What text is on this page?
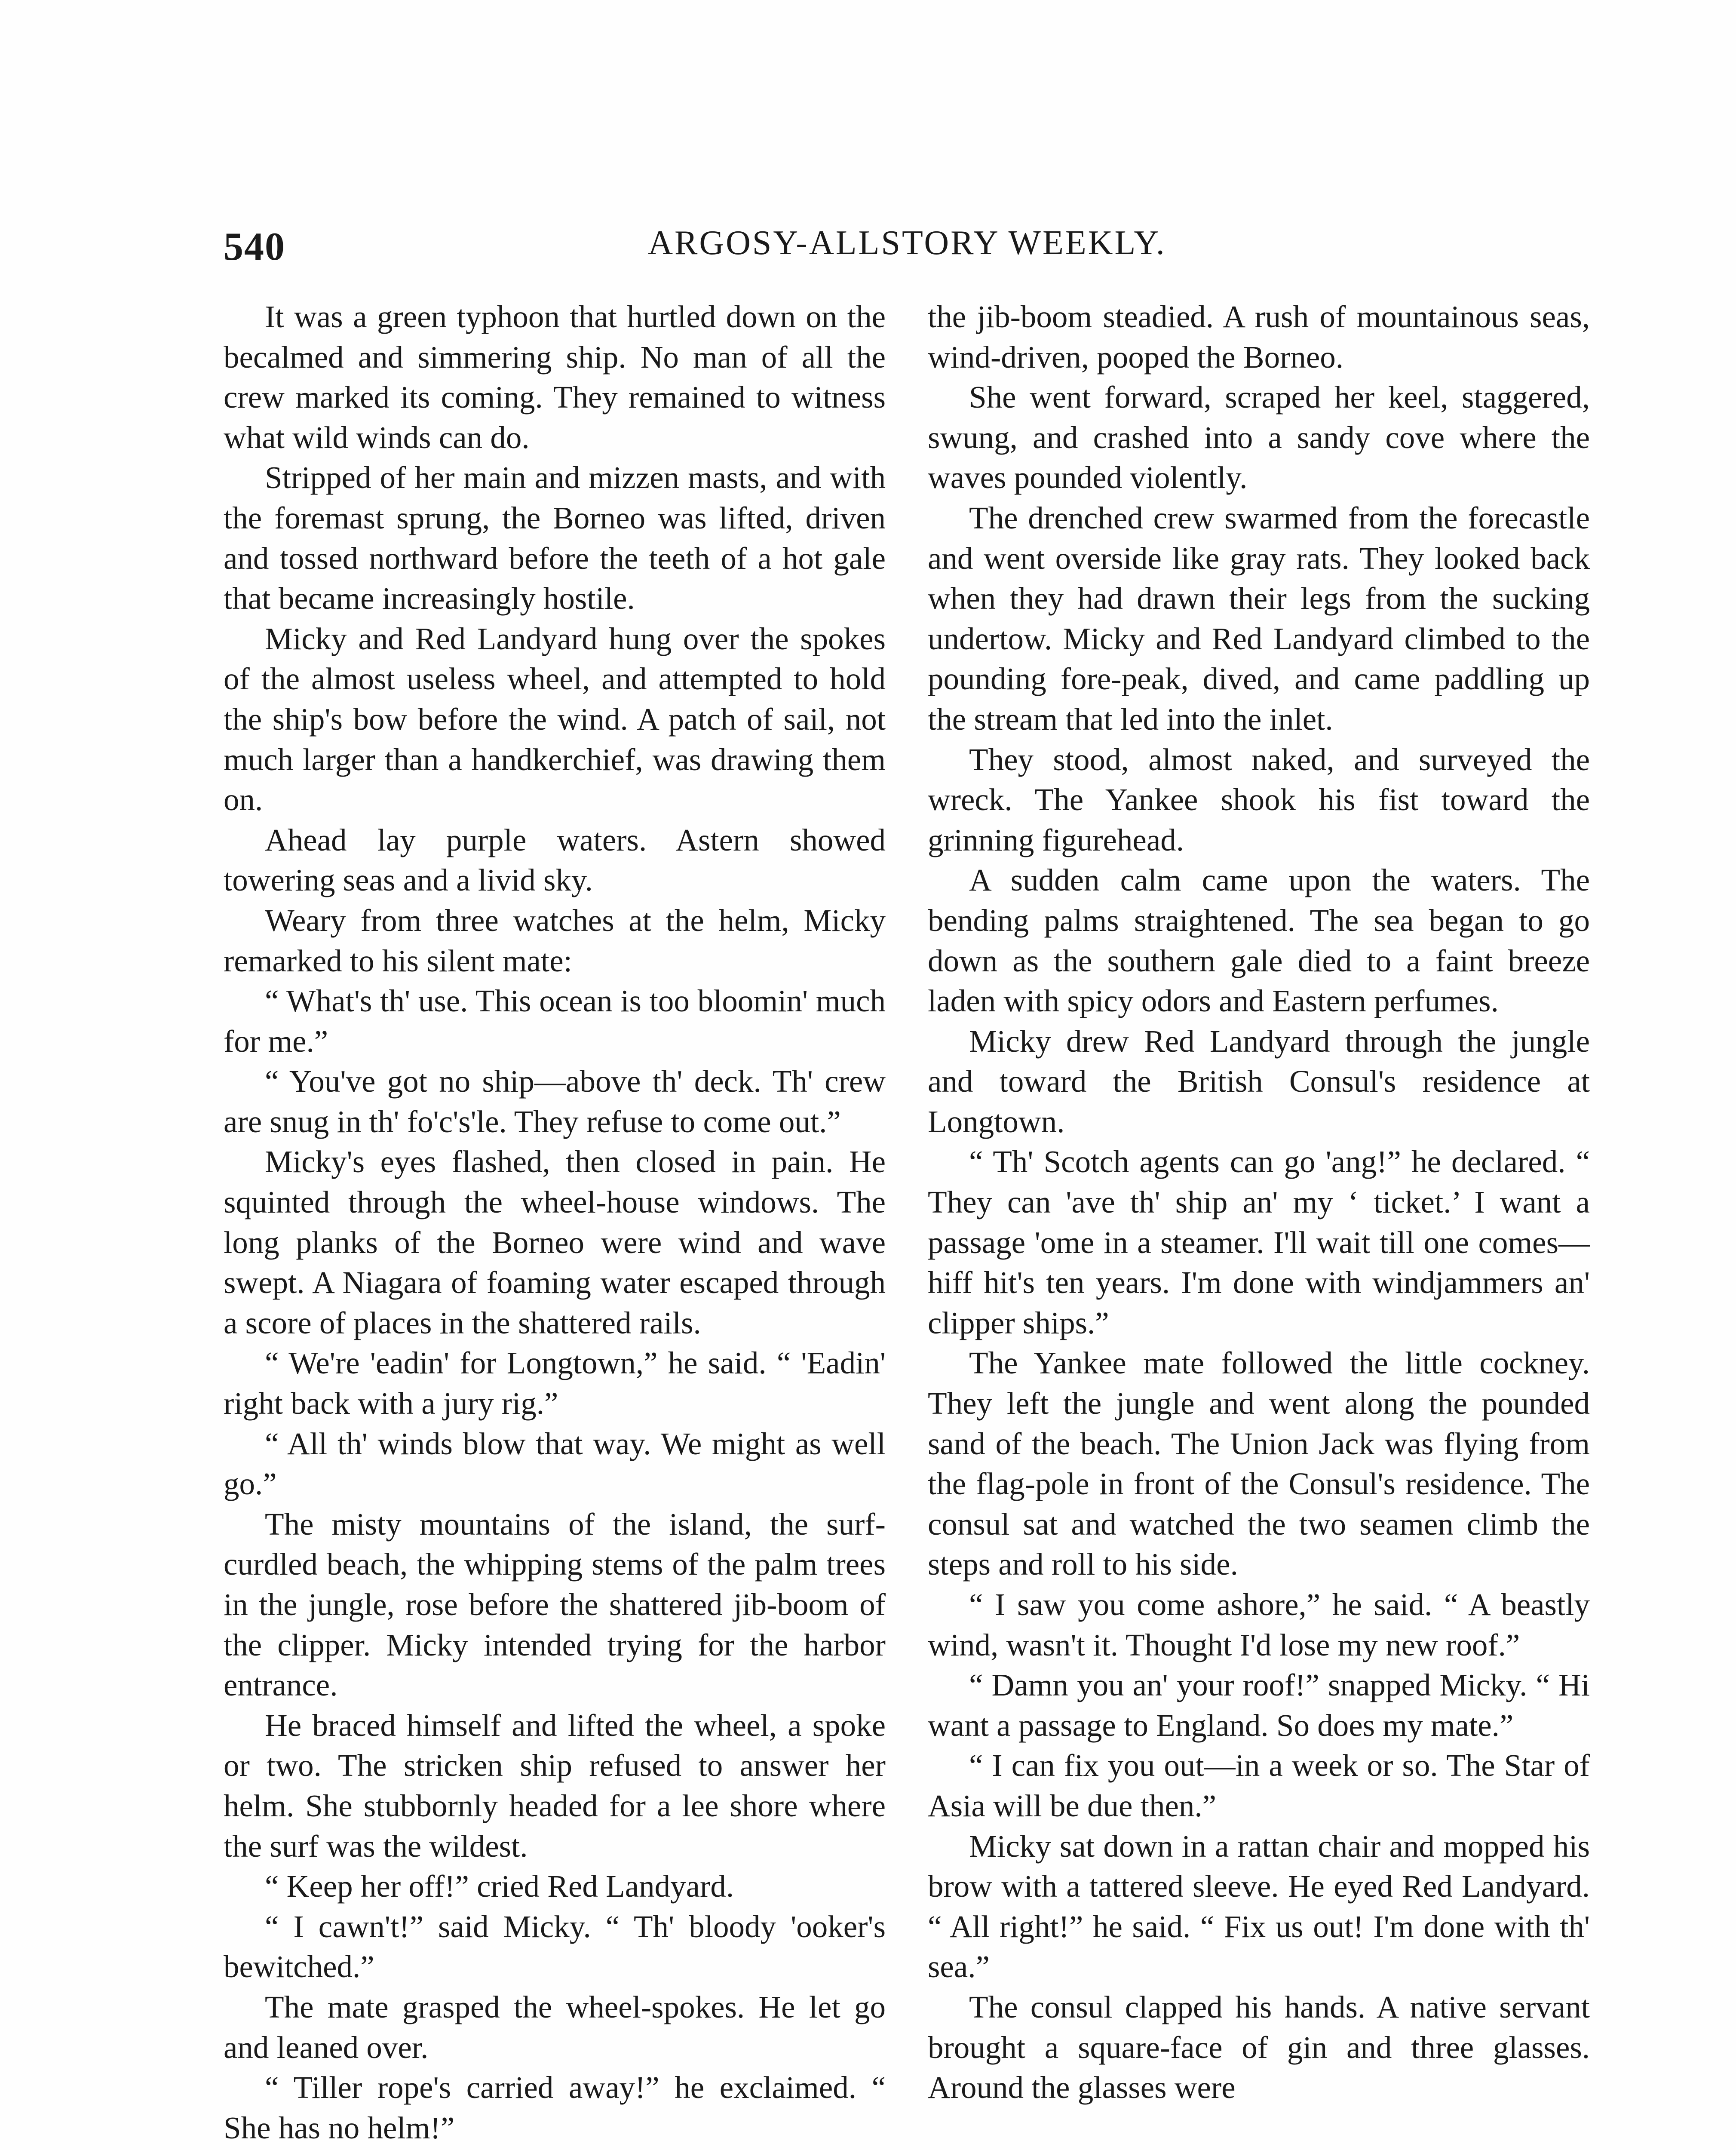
540	ARGOSY-ALLSTORY WEEKLY.

It was a green typhoon that hurtled down on the becalmed and simmering ship. No man of all the crew marked its coming. They remained to witness what wild winds can do.

Stripped of her main and mizzen masts, and with the foremast sprung, the Borneo was lifted, driven and tossed northward before the teeth of a hot gale that became increasingly hostile.

Micky and Red Landyard hung over the spokes of the almost useless wheel, and attempted to hold the ship's bow before the wind. A patch of sail, not much larger than a handkerchief, was drawing them on.

Ahead lay purple waters. Astern showed towering seas and a livid sky.

Weary from three watches at the helm, Micky remarked to his silent mate:

“ What's th' use. This ocean is too bloomin' much for me.”

“ You've got no ship—above th' deck. Th' crew are snug in th' fo'c's'le. They refuse to come out.”

Micky's eyes flashed, then closed in pain. He squinted through the wheel-house windows. The long planks of the Borneo were wind and wave swept. A Niagara of foaming water escaped through a score of places in the shattered rails.

“ We're 'eadin' for Longtown,” he said. “ 'Eadin' right back with a jury rig.”

“ All th' winds blow that way. We might as well go.”

The misty mountains of the island, the surf-curdled beach, the whipping stems of the palm trees in the jungle, rose before the shattered jib-boom of the clipper. Micky intended trying for the harbor entrance.

He braced himself and lifted the wheel, a spoke or two. The stricken ship refused to answer her helm. She stubbornly headed for a lee shore where the surf was the wildest.

“ Keep her off!” cried Red Landyard.

“ I cawn't!” said Micky. “ Th' bloody 'ooker's bewitched.”

The mate grasped the wheel-spokes. He let go and leaned over.

“ Tiller rope's carried away!” he exclaimed. “ She has no helm!”

the jib-boom steadied. A rush of mountainous seas, wind-driven, pooped the Borneo.

She went forward, scraped her keel, staggered, swung, and crashed into a sandy cove where the waves pounded violently.

The drenched crew swarmed from the forecastle and went overside like gray rats. They looked back when they had drawn their legs from the sucking undertow. Micky and Red Landyard climbed to the pounding fore-peak, dived, and came paddling up the stream that led into the inlet.

They stood, almost naked, and surveyed the wreck. The Yankee shook his fist toward the grinning figurehead.

A sudden calm came upon the waters. The bending palms straightened. The sea began to go down as the southern gale died to a faint breeze laden with spicy odors and Eastern perfumes.

Micky drew Red Landyard through the jungle and toward the British Consul's residence at Longtown.

“ Th' Scotch agents can go 'ang!” he declared. “ They can 'ave th' ship an' my ‘ ticket.’ I want a passage 'ome in a steamer. I'll wait till one comes—hiff hit's ten years. I'm done with windjammers an' clipper ships.”

The Yankee mate followed the little cockney. They left the jungle and went along the pounded sand of the beach. The Union Jack was flying from the flag-pole in front of the Consul's residence. The consul sat and watched the two seamen climb the steps and roll to his side.

“ I saw you come ashore,” he said. “ A beastly wind, wasn't it. Thought I'd lose my new roof.”

“ Damn you an' your roof!” snapped Micky. “ Hi want a passage to England. So does my mate.”

“ I can fix you out—in a week or so. The Star of Asia will be due then.”

Micky sat down in a rattan chair and mopped his brow with a tattered sleeve. He eyed Red Landyard. “ All right!” he said. “ Fix us out! I'm done with th' sea.”

The consul clapped his hands. A native servant brought a square-face of gin and three glasses. Around the glasses were
